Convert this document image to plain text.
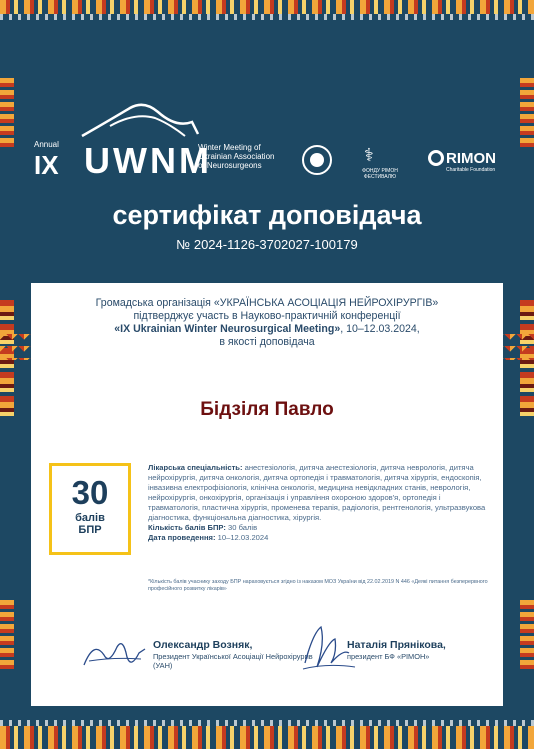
Annual
IX UWNM
Winter Meeting of Ukrainian Association of Neurosurgeons
⚕
ФОНДУ РІМОН ФЕСТИВАЛЮ
RIMON
Charitable Foundation
сертифікат доповідача
№ 2024-1126-3702027-100179
Громадська організація «УКРАЇНСЬКА АСОЦІАЦІЯ НЕЙРОХІРУРГІВ»
підтверджує участь в Науково-практичній конференції
«IX Ukrainian Winter Neurosurgical Meeting», 10–12.03.2024,
в якості доповідача
Бідзіля Павло
30
балів
БПР
Лікарська спеціальність: анестезіологія, дитяча анестезіологія, дитяча неврологія, дитяча нейрохірургія, дитяча онкологія, дитяча ортопедія і травматологія, дитяча хірургія, ендоскопія, інвазивна електрофізіологія, клінічна онкологія, медицина невідкладних станів, неврологія, нейрохірургія, онкохірургія, організація і управління охороною здоров'я, ортопедія і травматологія, пластична хірургія, променева терапія, радіологія, рентгенологія, ультразвукова діагностика, функціональна діагностика, хірургія.
Кількість балів БПР: 30 балів
Дата проведення: 10–12.03.2024
*Кількість балів учаснику заходу БПР нараховується згідно із наказом МОЗ України від 22.02.2019 N 446 «Деякі питання безперервного професійного розвитку лікарів»
Олександр Возняк,
Президент Української Асоціації Нейрохірургів (УАН)
Наталія Прянікова,
президент БФ «РІМОН»
